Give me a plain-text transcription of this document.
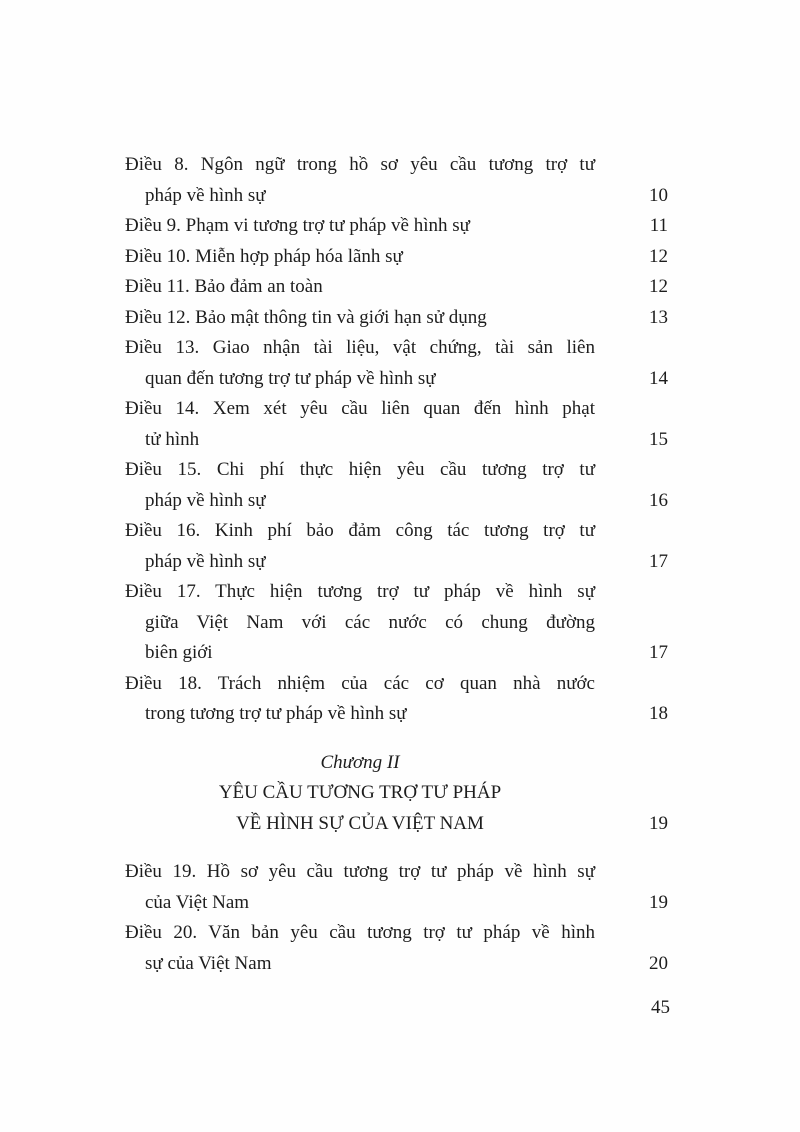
Điều 8. Ngôn ngữ trong hồ sơ yêu cầu tương trợ tư
pháp về hình sự	10
Điều 9. Phạm vi tương trợ tư pháp về hình sự	11
Điều 10. Miễn hợp pháp hóa lãnh sự	12
Điều 11. Bảo đảm an toàn	12
Điều 12. Bảo mật thông tin và giới hạn sử dụng	13
Điều 13. Giao nhận tài liệu, vật chứng, tài sản liên
quan đến tương trợ tư pháp về hình sự	14
Điều 14. Xem xét yêu cầu liên quan đến hình phạt
tử hình	15
Điều 15. Chi phí thực hiện yêu cầu tương trợ tư
pháp về hình sự	16
Điều 16. Kinh phí bảo đảm công tác tương trợ tư
pháp về hình sự	17
Điều 17. Thực hiện tương trợ tư pháp về hình sự
giữa Việt Nam với các nước có chung đường
biên giới	17
Điều 18. Trách nhiệm của các cơ quan nhà nước
trong tương trợ tư pháp về hình sự	18
Chương II
YÊU CẦU TƯƠNG TRỢ TƯ PHÁP
VỀ HÌNH SỰ CỦA VIỆT NAM	19
Điều 19. Hồ sơ yêu cầu tương trợ tư pháp về hình sự
của Việt Nam	19
Điều 20. Văn bản yêu cầu tương trợ tư pháp về hình
sự của Việt Nam	20
45
